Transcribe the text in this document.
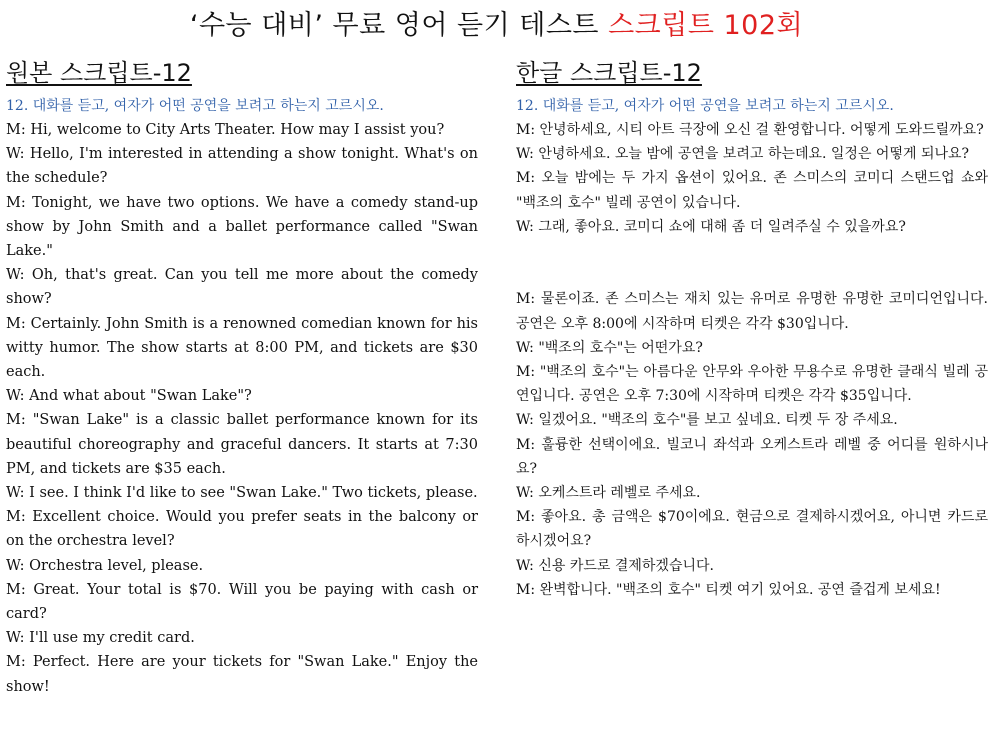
‘수능 대비’ 무료 영어 듣기 테스트 스크립트 102회
원본 스크립트-12
12. 대화를 듣고, 여자가 어떤 공연을 보려고 하는지 고르시오.
M: Hi, welcome to City Arts Theater. How may I assist you?
W: Hello, I'm interested in attending a show tonight. What's on the schedule?
M: Tonight, we have two options. We have a comedy stand-up show by John Smith and a ballet performance called "Swan Lake."
W: Oh, that's great. Can you tell me more about the comedy show?
M: Certainly. John Smith is a renowned comedian known for his witty humor. The show starts at 8:00 PM, and tickets are $30 each.
W: And what about "Swan Lake"?
M: "Swan Lake" is a classic ballet performance known for its beautiful choreography and graceful dancers. It starts at 7:30 PM, and tickets are $35 each.
W: I see. I think I'd like to see "Swan Lake." Two tickets, please.
M: Excellent choice. Would you prefer seats in the balcony or on the orchestra level?
W: Orchestra level, please.
M: Great. Your total is $70. Will you be paying with cash or card?
W: I'll use my credit card.
M: Perfect. Here are your tickets for "Swan Lake." Enjoy the show!
한글 스크립트-12
12. 대화를 듣고, 여자가 어떤 공연을 보려고 하는지 고르시오.
M: 안녕하세요, 시티 아트 극장에 오신 걸 환영합니다. 어떻게 도와드릴까요?
W: 안녕하세요. 오늘 밤에 공연을 보려고 하는데요. 일정은 어떻게 되나요?
M: 오늘 밤에는 두 가지 옵션이 있어요. 존 스미스의 코미디 스탠드업 쇼와 "백조의 호수" 빌레 공연이 있습니다.
W: 그래, 좋아요. 코미디 쇼에 대해 좀 더 일려주실 수 있을까요?
M: 물론이죠. 존 스미스는 재치 있는 유머로 유명한 유명한 코미디언입니다. 공연은 오후 8:00에 시작하며 티켓은 각각 $30입니다.
W: "백조의 호수"는 어떤가요?
M: "백조의 호수"는 아름다운 안무와 우아한 무용수로 유명한 클래식 빌레 공연입니다. 공연은 오후 7:30에 시작하며 티켓은 각각 $35입니다.
W: 일겠어요. "백조의 호수"를 보고 싶네요. 티켓 두 장 주세요.
M: 훌륭한 선택이에요. 빌코니 좌석과 오케스트라 레벨 중 어디를 원하시나요?
W: 오케스트라 레벨로 주세요.
M: 좋아요. 총 금액은 $70이에요. 현금으로 결제하시겠어요, 아니면 카드로 하시겠어요?
W: 신용 카드로 결제하겠습니다.
M: 완벽합니다. "백조의 호수" 티켓 여기 있어요. 공연 즐겁게 보세요!
